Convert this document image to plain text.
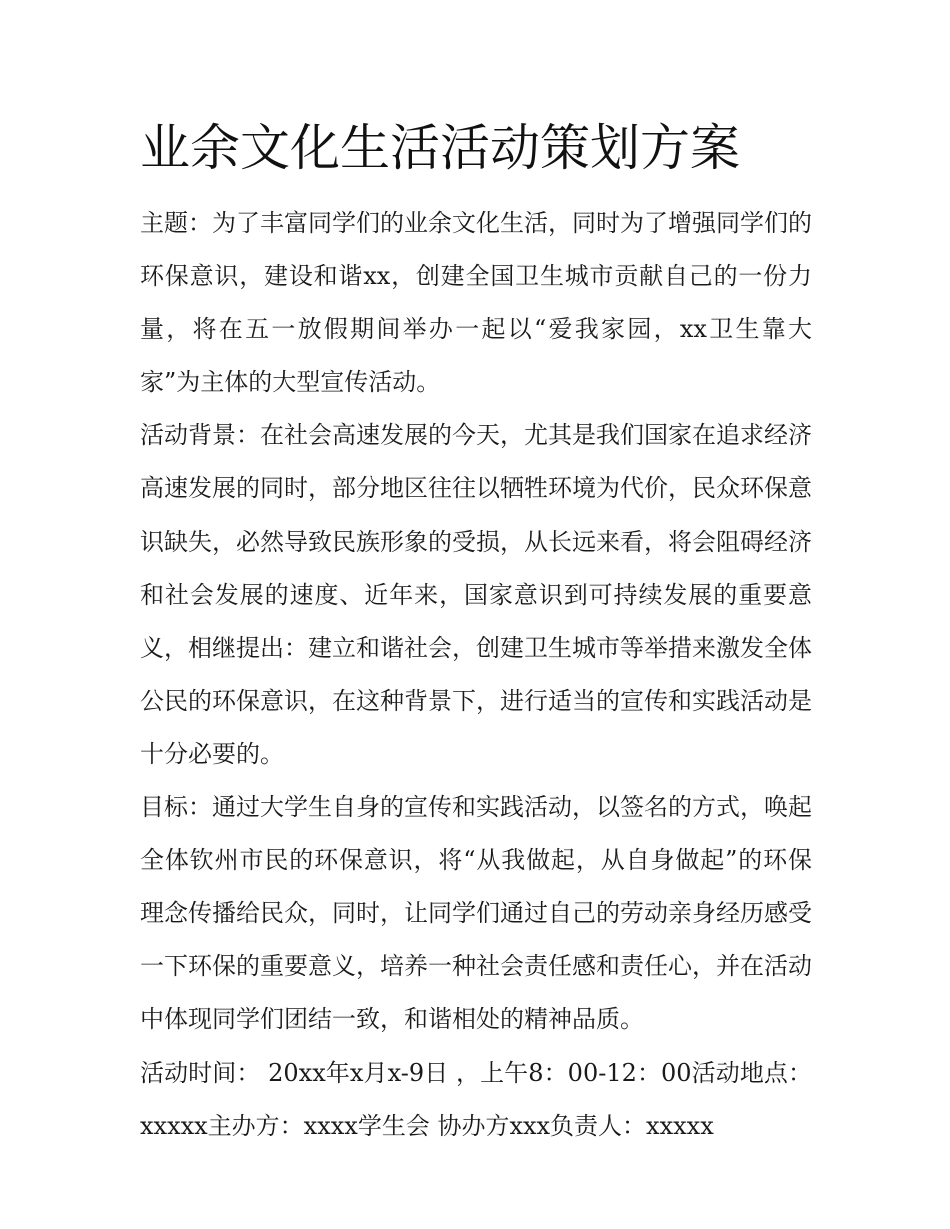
业余文化生活活动策划方案

主题：为了丰富同学们的业余文化生活，同时为了增强同学们的环保意识，建设和谐xx，创建全国卫生城市贡献自己的一份力量，将在五一放假期间举办一起以“爱我家园，xx卫生靠大家”为主体的大型宣传活动。

活动背景：在社会高速发展的今天，尤其是我们国家在追求经济高速发展的同时，部分地区往往以牺牲环境为代价，民众环保意识缺失，必然导致民族形象的受损，从长远来看，将会阻碍经济和社会发展的速度、近年来，国家意识到可持续发展的重要意义，相继提出：建立和谐社会，创建卫生城市等举措来激发全体公民的环保意识，在这种背景下，进行适当的宣传和实践活动是十分必要的。

目标：通过大学生自身的宣传和实践活动，以签名的方式，唤起全体钦州市民的环保意识，将“从我做起，从自身做起”的环保理念传播给民众，同时，让同学们通过自己的劳动亲身经历感受一下环保的重要意义，培养一种社会责任感和责任心，并在活动中体现同学们团结一致，和谐相处的精神品质。

活动时间： 20xx年x月x-9日 ，上午8：00-12：00活动地点：xxxxx主办方：xxxx学生会 协办方xxx负责人：xxxxx
